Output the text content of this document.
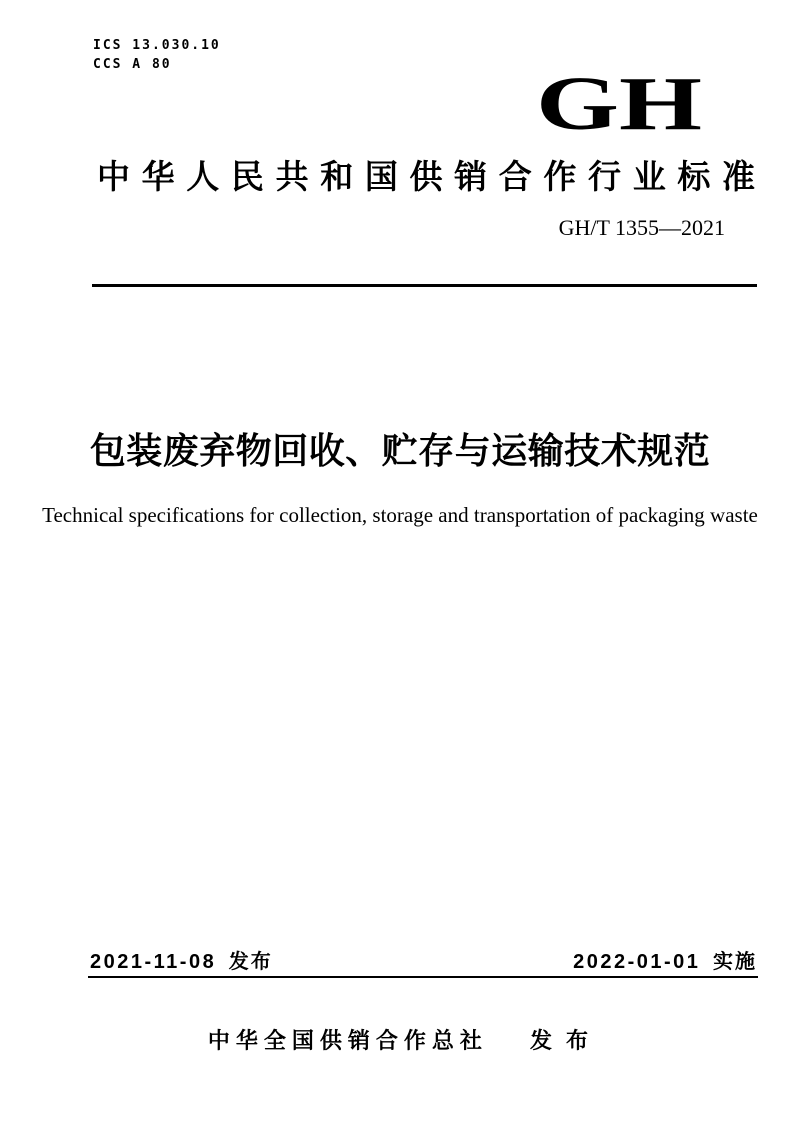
ICS 13.030.10
CCS A 80	GH
中 华 人 民 共 和 国 供 销 合 作 行 业 标 准
GH/T 1355—2021
包装废弃物回收、贮存与运输技术规范
Technical specifications for collection, storage and transportation of packaging waste
2021-11-08 发布	2022-01-01 实施
中华全国供销合作总社 发 布
